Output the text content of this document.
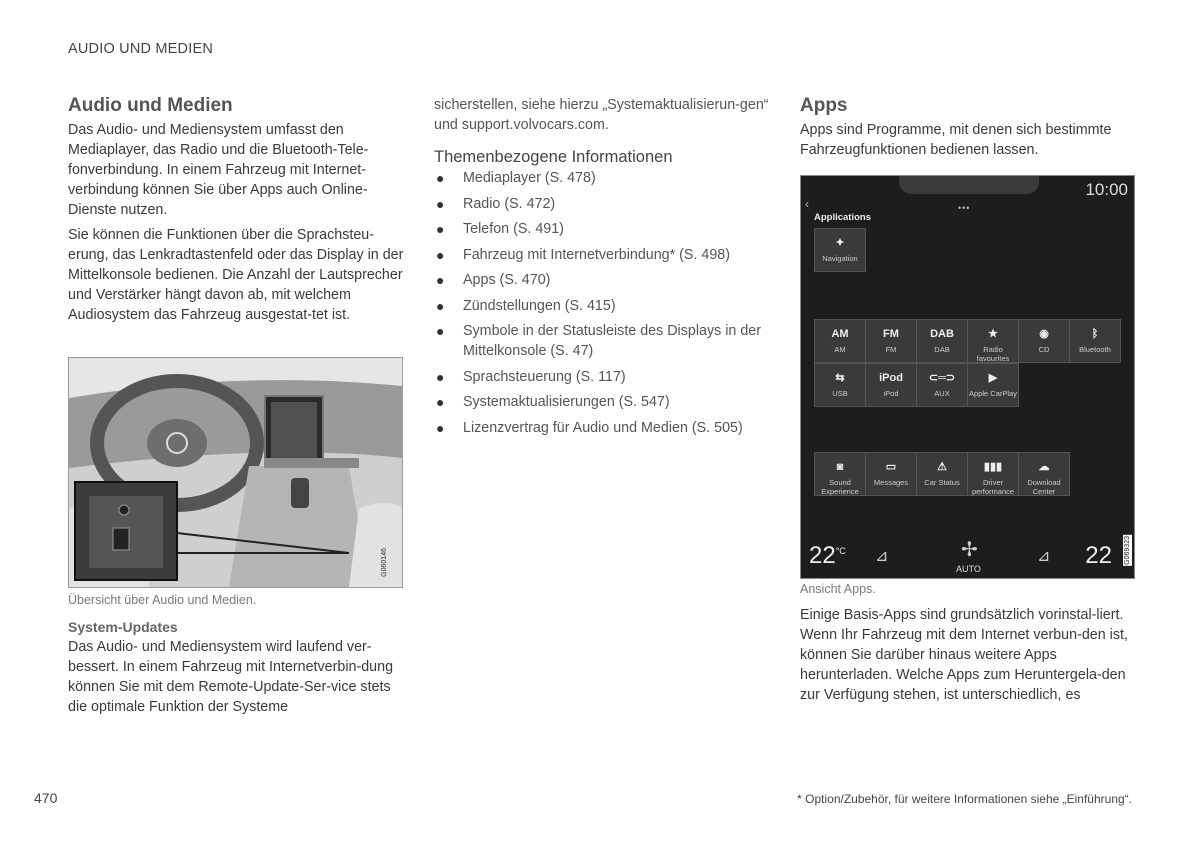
AUDIO UND MEDIEN
Audio und Medien

Das Audio- und Mediensystem umfasst den Mediaplayer, das Radio und die Bluetooth-Tele-fonverbindung. In einem Fahrzeug mit Internet-verbindung können Sie über Apps auch Online-Dienste nutzen.

Sie können die Funktionen über die Sprachsteu-erung, das Lenkradtastenfeld oder das Display in der Mittelkonsole bedienen. Die Anzahl der Lautsprecher und Verstärker hängt davon ab, mit welchem Audiosystem das Fahrzeug ausgestat-tet ist.

G060146
Übersicht über Audio und Medien.
System-Updates

Das Audio- und Mediensystem wird laufend ver-bessert. In einem Fahrzeug mit Internetverbin-dung können Sie mit dem Remote-Update-Ser-vice stets die optimale Funktion der Systeme

sicherstellen, siehe hierzu „Systemaktualisierun-gen“ und support.volvocars.com.

Themenbezogene Informationen
● Mediaplayer (S. 478)
● Radio (S. 472)
● Telefon (S. 491)
● Fahrzeug mit Internetverbindung* (S. 498)
● Apps (S. 470)
● Zündstellungen (S. 415)
● Symbole in der Statusleiste des Displays in der Mittelkonsole (S. 47)
● Sprachsteuerung (S. 117)
● Systemaktualisierungen (S. 547)
● Lizenzvertrag für Audio und Medien (S. 505)
Apps

Apps sind Programme, mit denen sich bestimmte Fahrzeugfunktionen bedienen lassen.

10:00
‹	•••
Applications
✦
Navigation
AM
AM
FM
FM
DAB
DAB
★
Radio favourites
◉
CD
ᛒ
Bluetooth
⇆
USB
iPod
iPod
⊂═⊃
AUX
▶
Apple CarPlay
◙
Sound Experience
▭
Messages
⚠
Car Status
▮▮▮
Driver performance
☁
Download Center
$22^{^\circ C}$ ⊿	✢
AUTO
⊿ 22 G069323
Ansicht Apps.

Einige Basis-Apps sind grundsätzlich vorinstal-liert. Wenn Ihr Fahrzeug mit dem Internet verbun-den ist, können Sie darüber hinaus weitere Apps herunterladen. Welche Apps zum Heruntergela-den zur Verfügung stehen, ist unterschiedlich, es

470	* Option/Zubehör, für weitere Informationen siehe „Einführung“.
